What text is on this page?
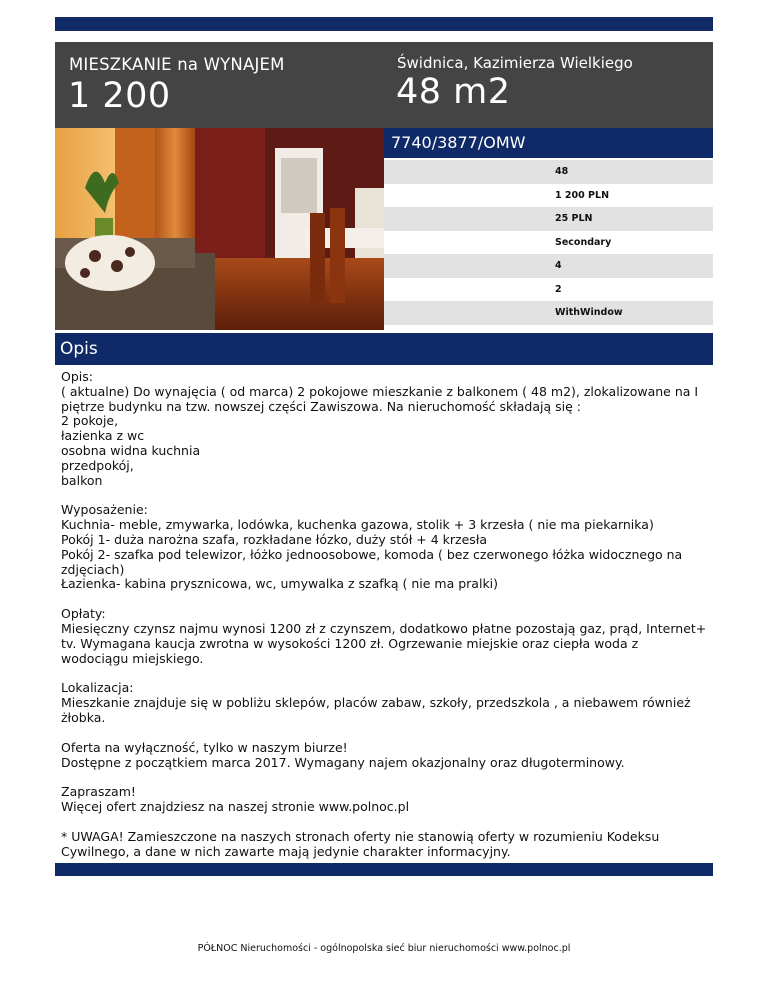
MIESZKANIE na WYNAJEM
1 200
Świdnica, Kazimierza Wielkiego
48 m2
7740/3877/OMW
48
1 200 PLN
25 PLN
Secondary
4
2
WithWindow
Opis

Opis:
( aktualne) Do wynajęcia ( od marca) 2 pokojowe mieszkanie z balkonem ( 48 m2), zlokalizowane na I piętrze budynku na tzw. nowszej części Zawiszowa. Na nieruchomość składają się :
2 pokoje,
łazienka z wc
osobna widna kuchnia
przedpokój,
balkon

Wyposażenie:
Kuchnia- meble, zmywarka, lodówka, kuchenka gazowa, stolik + 3 krzesła ( nie ma piekarnika)
Pokój 1- duża narożna szafa, rozkładane łózko, duży stół + 4 krzesła
Pokój 2- szafka pod telewizor, łóżko jednoosobowe, komoda ( bez czerwonego łóżka widocznego na zdjęciach)
Łazienka- kabina prysznicowa, wc, umywalka z szafką ( nie ma pralki)

Opłaty:
Miesięczny czynsz najmu wynosi 1200 zł z czynszem, dodatkowo płatne pozostają gaz, prąd, Internet+ tv. Wymagana kaucja zwrotna w wysokości 1200 zł. Ogrzewanie miejskie oraz ciepła woda z wodociągu miejskiego.

Lokalizacja:
Mieszkanie znajduje się w pobliżu sklepów, placów zabaw, szkoły, przedszkola , a niebawem również żłobka.

Oferta na wyłączność, tylko w naszym biurze!
Dostępne z początkiem marca 2017. Wymagany najem okazjonalny oraz długoterminowy.

Zapraszam!
Więcej ofert znajdziesz na naszej stronie www.polnoc.pl

* UWAGA! Zamieszczone na naszych stronach oferty nie stanowią oferty w rozumieniu Kodeksu Cywilnego, a dane w nich zawarte mają jedynie charakter informacyjny.

PÓŁNOC Nieruchomości - ogólnopolska sieć biur nieruchomości www.polnoc.pl
